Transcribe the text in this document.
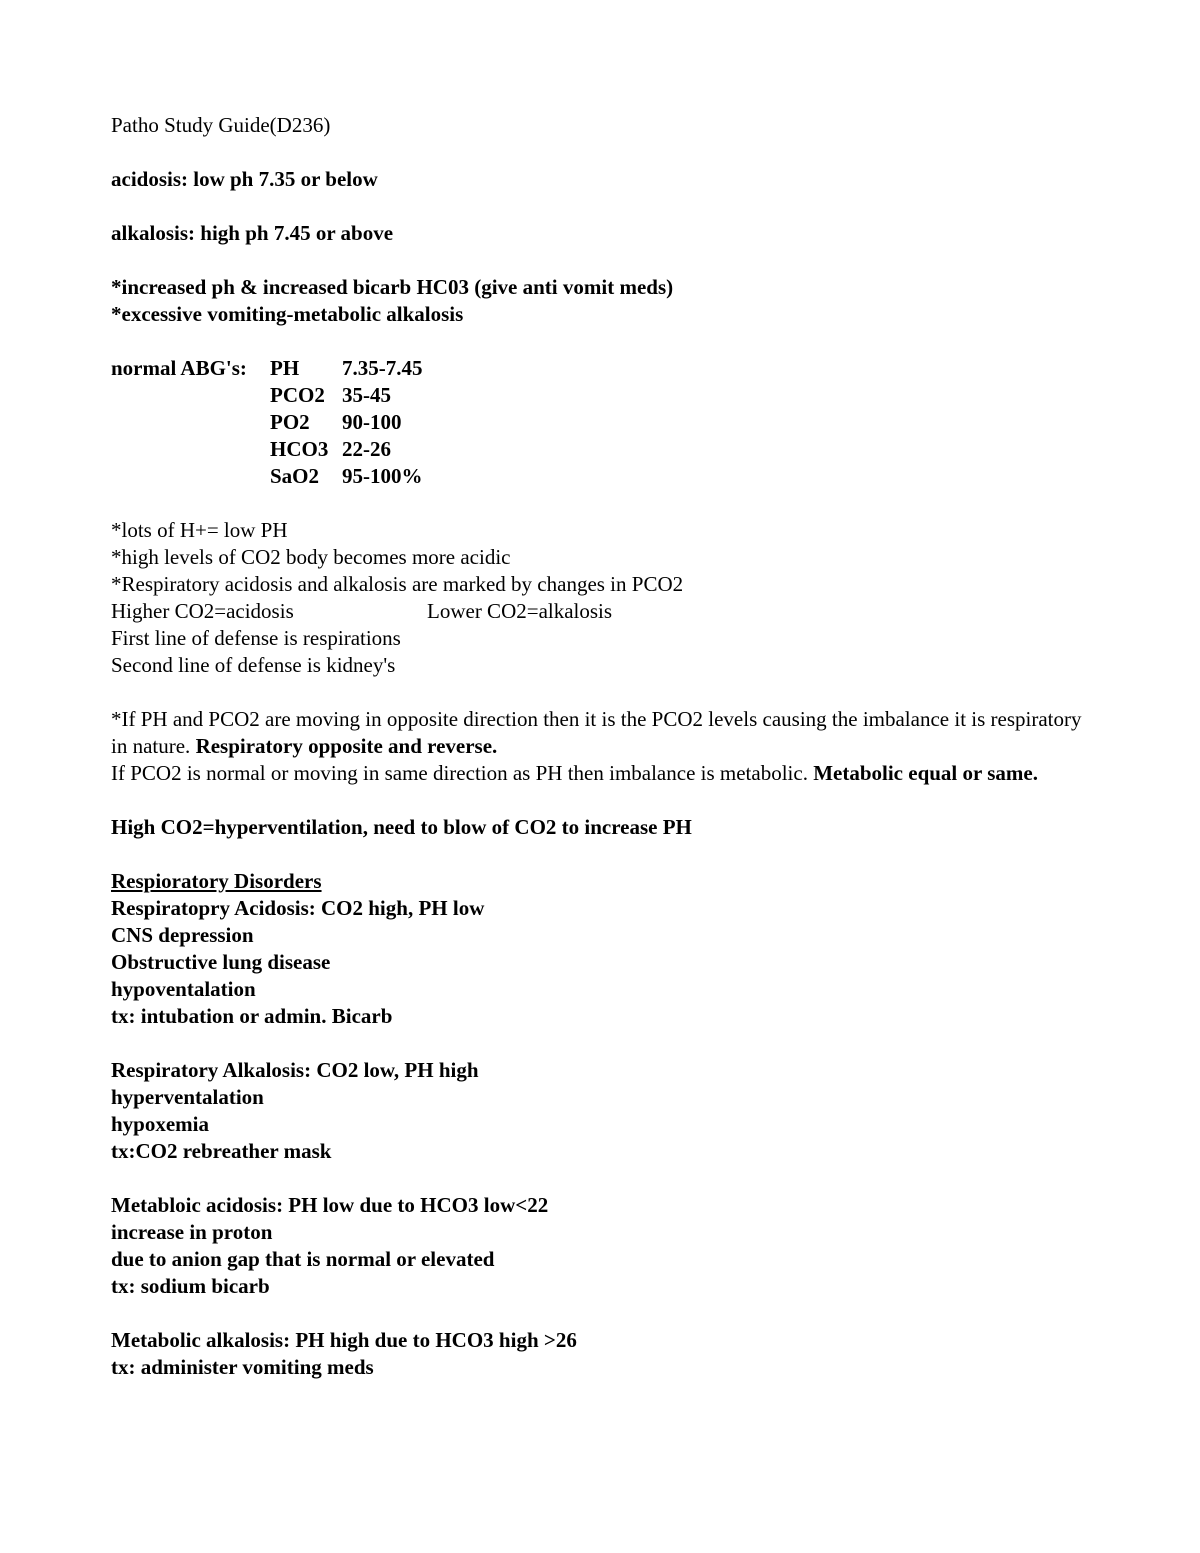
Patho Study Guide(D236)
acidosis: low ph 7.35 or below
alkalosis: high ph 7.45 or above
*increased ph & increased bicarb HC03 (give anti vomit meds)
*excessive vomiting-metabolic alkalosis
normal ABG's:	PH	7.35-7.45
PCO2 35-45
PO2	90-100
HCO3 22-26
SaO2	95-100%
*lots of H+= low PH
*high levels of CO2 body becomes more acidic
*Respiratory acidosis and alkalosis are marked by changes in PCO2
Higher CO2=acidosis	Lower CO2=alkalosis
First line of defense is respirations
Second line of defense is kidney's
*If PH and PCO2 are moving in opposite direction then it is the PCO2 levels causing the imbalance it is respiratory in nature. Respiratory opposite and reverse.
If PCO2 is normal or moving in same direction as PH then imbalance is metabolic. Metabolic equal or same.
High CO2=hyperventilation, need to blow of CO2 to increase PH
Respioratory Disorders
Respiratopry Acidosis: CO2 high, PH low
CNS depression
Obstructive lung disease
hypoventalation
tx: intubation or admin. Bicarb
Respiratory Alkalosis: CO2 low, PH high
hyperventalation
hypoxemia
tx:CO2 rebreather mask
Metabloic acidosis: PH low due to HCO3 low<22
increase in proton
due to anion gap that is normal or elevated
tx: sodium bicarb
Metabolic alkalosis: PH high due to HCO3 high >26
tx: administer vomiting meds
